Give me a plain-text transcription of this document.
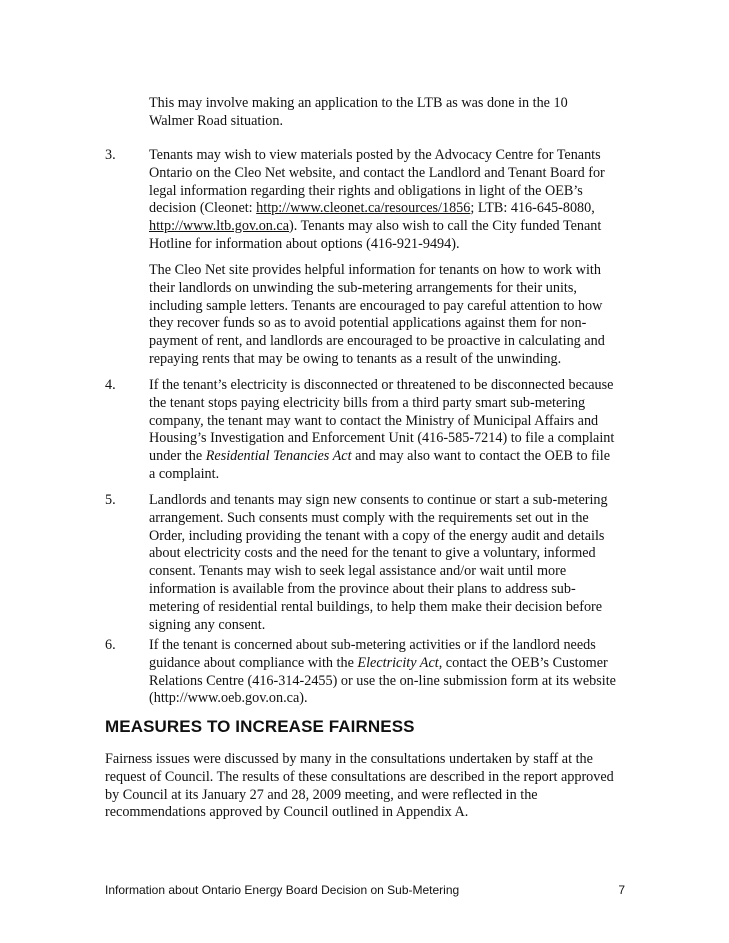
This may involve making an application to the LTB as was done in the 10
Walmer Road situation.
3. Tenants may wish to view materials posted by the Advocacy Centre for Tenants
Ontario on the Cleo Net website, and contact the Landlord and Tenant Board for
legal information regarding their rights and obligations in light of the OEB’s
decision (Cleonet: http://www.cleonet.ca/resources/1856; LTB: 416-645-8080,
http://www.ltb.gov.on.ca). Tenants may also wish to call the City funded Tenant
Hotline for information about options (416-921-9494).
The Cleo Net site provides helpful information for tenants on how to work with
their landlords on unwinding the sub-metering arrangements for their units,
including sample letters. Tenants are encouraged to pay careful attention to how
they recover funds so as to avoid potential applications against them for non-
payment of rent, and landlords are encouraged to be proactive in calculating and
repaying rents that may be owing to tenants as a result of the unwinding.
4. If the tenant’s electricity is disconnected or threatened to be disconnected because
the tenant stops paying electricity bills from a third party smart sub-metering
company, the tenant may want to contact the Ministry of Municipal Affairs and
Housing’s Investigation and Enforcement Unit (416-585-7214) to file a complaint
under the Residential Tenancies Act and may also want to contact the OEB to file
a complaint.
5. Landlords and tenants may sign new consents to continue or start a sub-metering
arrangement. Such consents must comply with the requirements set out in the
Order, including providing the tenant with a copy of the energy audit and details
about electricity costs and the need for the tenant to give a voluntary, informed
consent. Tenants may wish to seek legal assistance and/or wait until more
information is available from the province about their plans to address sub-
metering of residential rental buildings, to help them make their decision before
signing any consent.
6. If the tenant is concerned about sub-metering activities or if the landlord needs
guidance about compliance with the Electricity Act, contact the OEB’s Customer
Relations Centre (416-314-2455) or use the on-line submission form at its website
(http://www.oeb.gov.on.ca).
MEASURES TO INCREASE FAIRNESS
Fairness issues were discussed by many in the consultations undertaken by staff at the
request of Council. The results of these consultations are described in the report approved
by Council at its January 27 and 28, 2009 meeting, and were reflected in the
recommendations approved by Council outlined in Appendix A.
Information about Ontario Energy Board Decision on Sub-Metering	7
